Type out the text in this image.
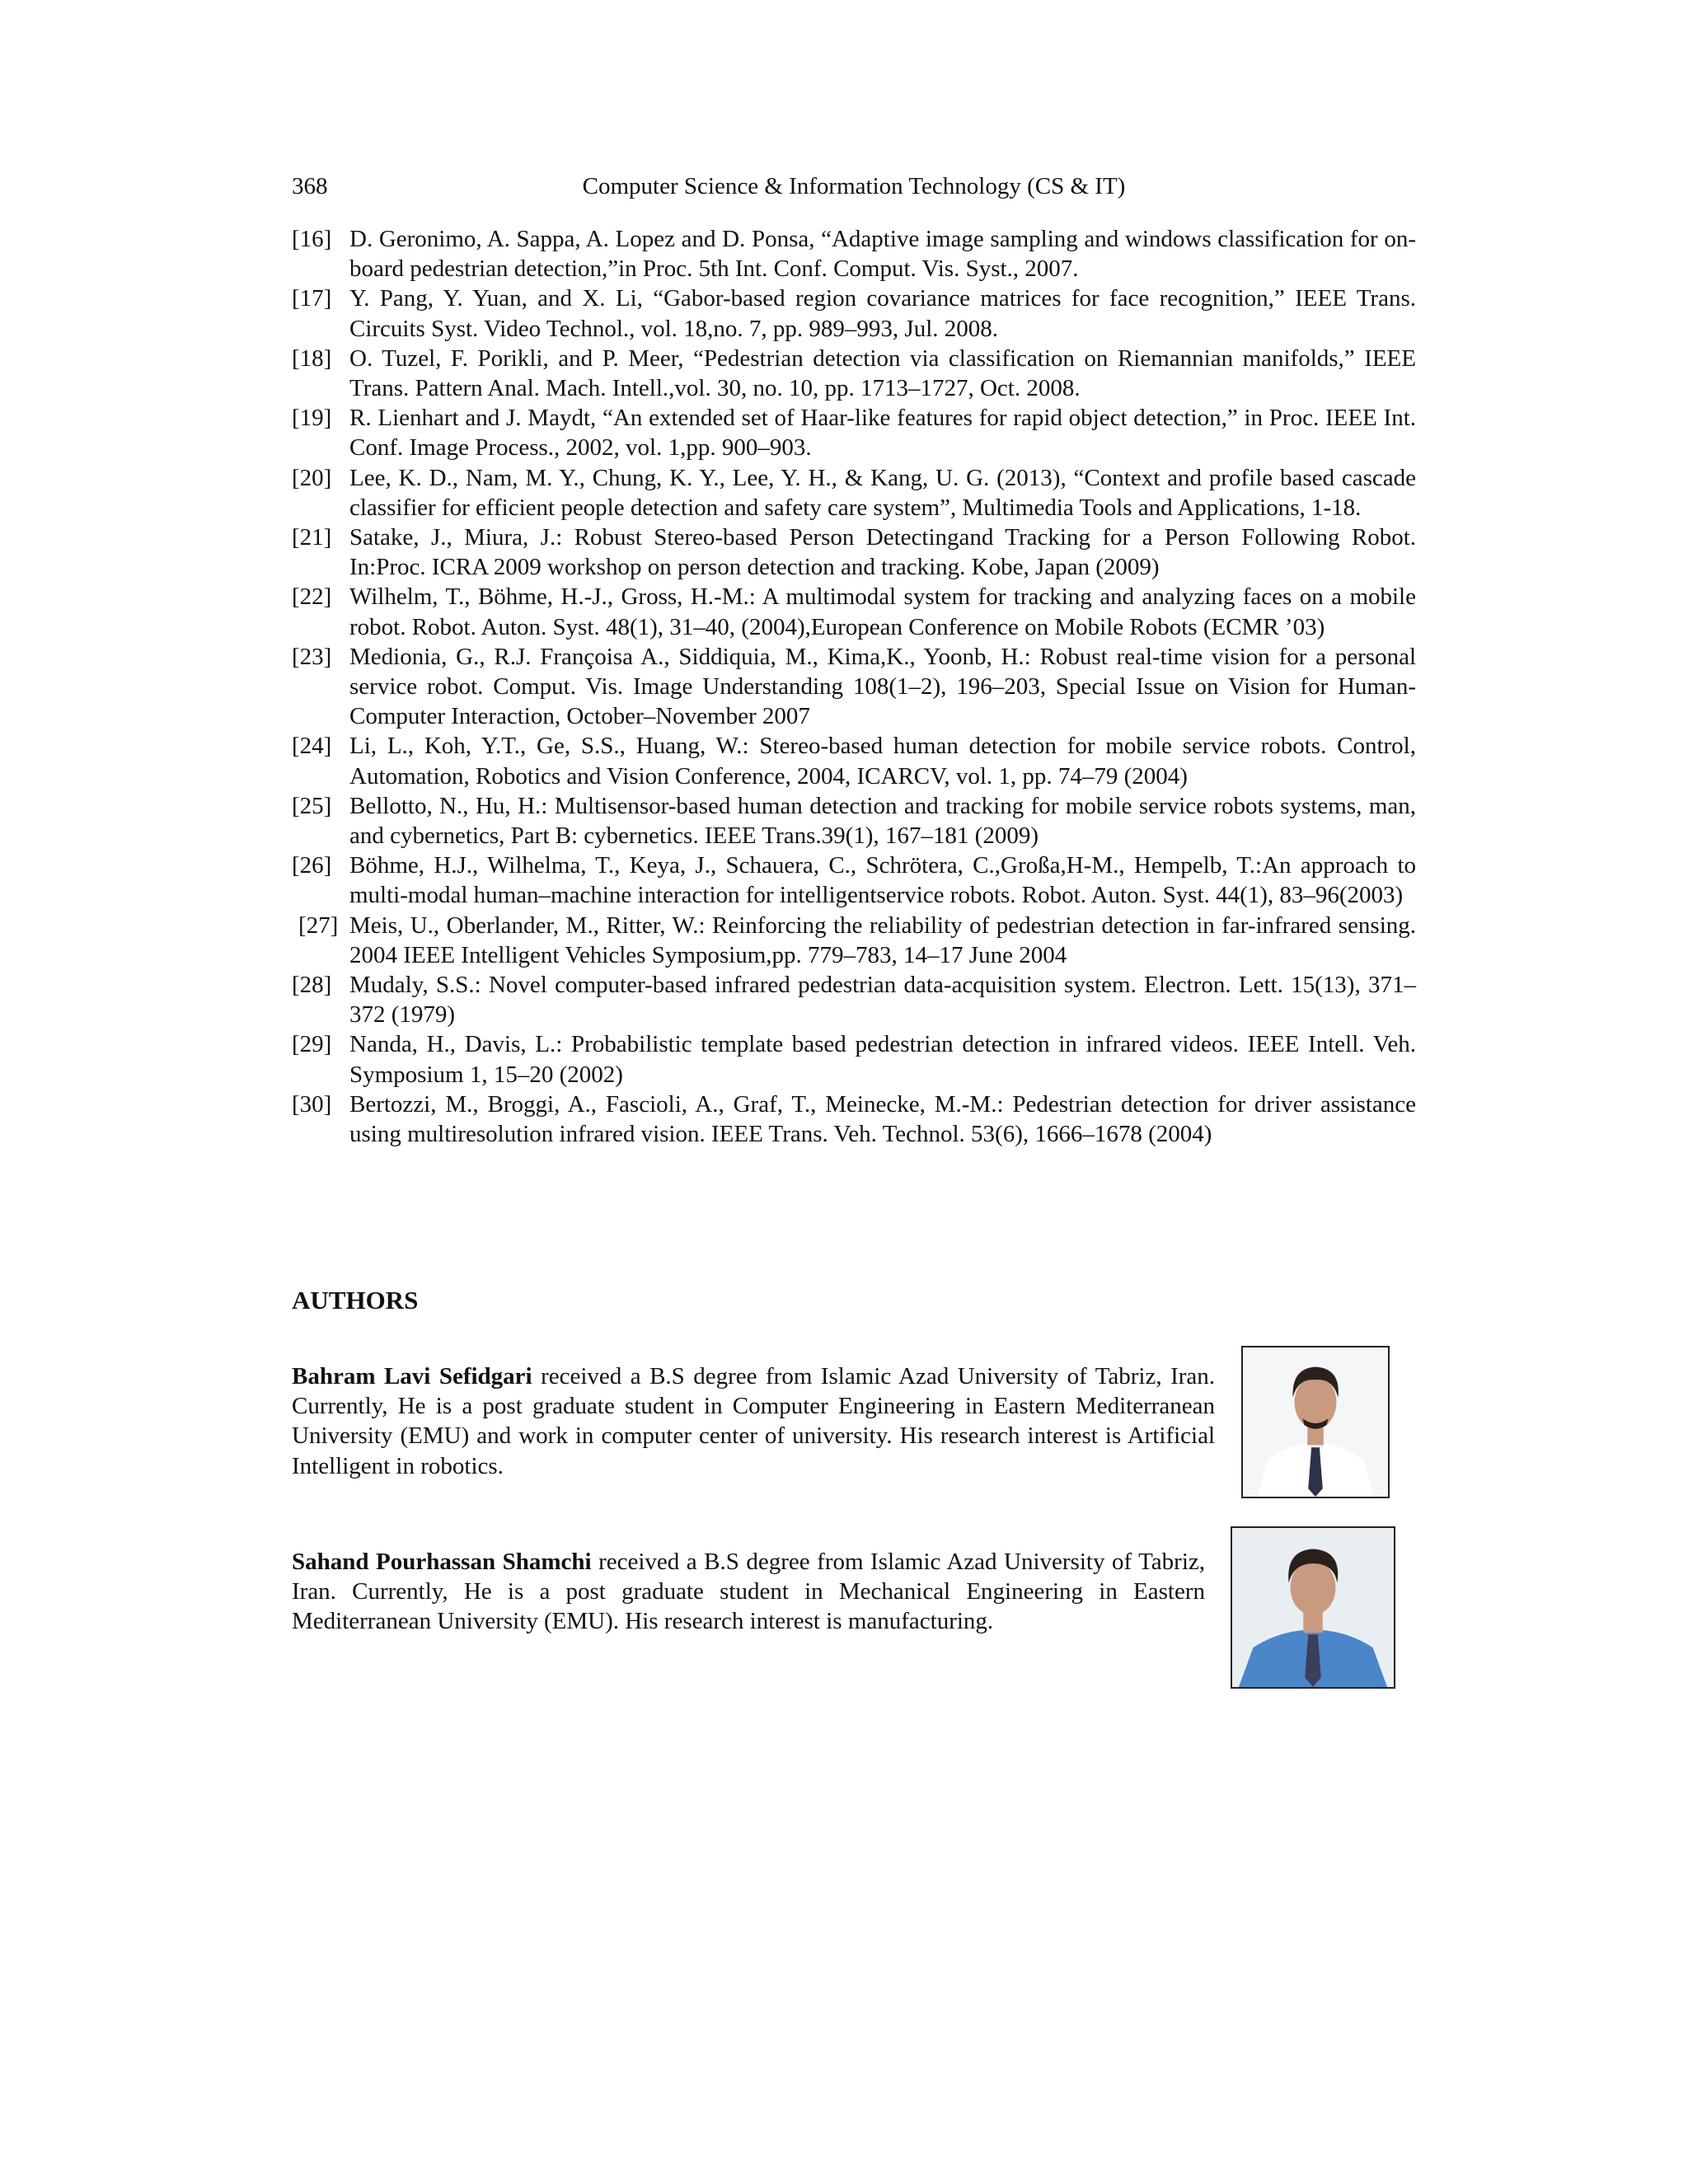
368	Computer Science & Information Technology (CS & IT)
[16] D. Geronimo, A. Sappa, A. Lopez and D. Ponsa, “Adaptive image sampling and windows classification for on-board pedestrian detection,”in Proc. 5th Int. Conf. Comput. Vis. Syst., 2007.
[17] Y. Pang, Y. Yuan, and X. Li, “Gabor-based region covariance matrices for face recognition,” IEEE Trans. Circuits Syst. Video Technol., vol. 18,no. 7, pp. 989–993, Jul. 2008.
[18] O. Tuzel, F. Porikli, and P. Meer, “Pedestrian detection via classification on Riemannian manifolds,” IEEE Trans. Pattern Anal. Mach. Intell.,vol. 30, no. 10, pp. 1713–1727, Oct. 2008.
[19] R. Lienhart and J. Maydt, “An extended set of Haar-like features for rapid object detection,” in Proc. IEEE Int. Conf. Image Process., 2002, vol. 1,pp. 900–903.
[20] Lee, K. D., Nam, M. Y., Chung, K. Y., Lee, Y. H., & Kang, U. G. (2013), “Context and profile based cascade classifier for efficient people detection and safety care system”, Multimedia Tools and Applications, 1-18.
[21] Satake, J., Miura, J.: Robust Stereo-based Person Detectingand Tracking for a Person Following Robot. In:Proc. ICRA 2009 workshop on person detection and tracking. Kobe, Japan (2009)
[22] Wilhelm, T., Böhme, H.-J., Gross, H.-M.: A multimodal system for tracking and analyzing faces on a mobile robot. Robot. Auton. Syst. 48(1), 31–40, (2004),European Conference on Mobile Robots (ECMR ’03)
[23] Medionia, G., R.J. Françoisa A., Siddiquia, M., Kima,K., Yoonb, H.: Robust real-time vision for a personal service robot. Comput. Vis. Image Understanding 108(1–2), 196–203, Special Issue on Vision for Human-Computer Interaction, October–November 2007
[24] Li, L., Koh, Y.T., Ge, S.S., Huang, W.: Stereo-based human detection for mobile service robots. Control, Automation, Robotics and Vision Conference, 2004, ICARCV, vol. 1, pp. 74–79 (2004)
[25] Bellotto, N., Hu, H.: Multisensor-based human detection and tracking for mobile service robots systems, man, and cybernetics, Part B: cybernetics. IEEE Trans.39(1), 167–181 (2009)
[26] Böhme, H.J., Wilhelma, T., Keya, J., Schauera, C., Schrötera, C.,Großa,H-M., Hempelb, T.:An approach to multi-modal human–machine interaction for intelligentservice robots. Robot. Auton. Syst. 44(1), 83–96(2003)
[27] Meis, U., Oberlander, M., Ritter, W.: Reinforcing the reliability of pedestrian detection in far-infrared sensing. 2004 IEEE Intelligent Vehicles Symposium,pp. 779–783, 14–17 June 2004
[28] Mudaly, S.S.: Novel computer-based infrared pedestrian data-acquisition system. Electron. Lett. 15(13), 371–372 (1979)
[29] Nanda, H., Davis, L.: Probabilistic template based pedestrian detection in infrared videos. IEEE Intell. Veh. Symposium 1, 15–20 (2002)
[30] Bertozzi, M., Broggi, A., Fascioli, A., Graf, T., Meinecke, M.-M.: Pedestrian detection for driver assistance using multiresolution infrared vision. IEEE Trans. Veh. Technol. 53(6), 1666–1678 (2004)
AUTHORS
Bahram Lavi Sefidgari received a B.S degree from Islamic Azad University of Tabriz, Iran. Currently, He is a post graduate student in Computer Engineering in Eastern Mediterranean University (EMU) and work in computer center of university. His research interest is Artificial Intelligent in robotics.
Sahand Pourhassan Shamchi received a B.S degree from Islamic Azad University of Tabriz, Iran. Currently, He is a post graduate student in Mechanical Engineering in Eastern Mediterranean University (EMU). His research interest is manufacturing.
